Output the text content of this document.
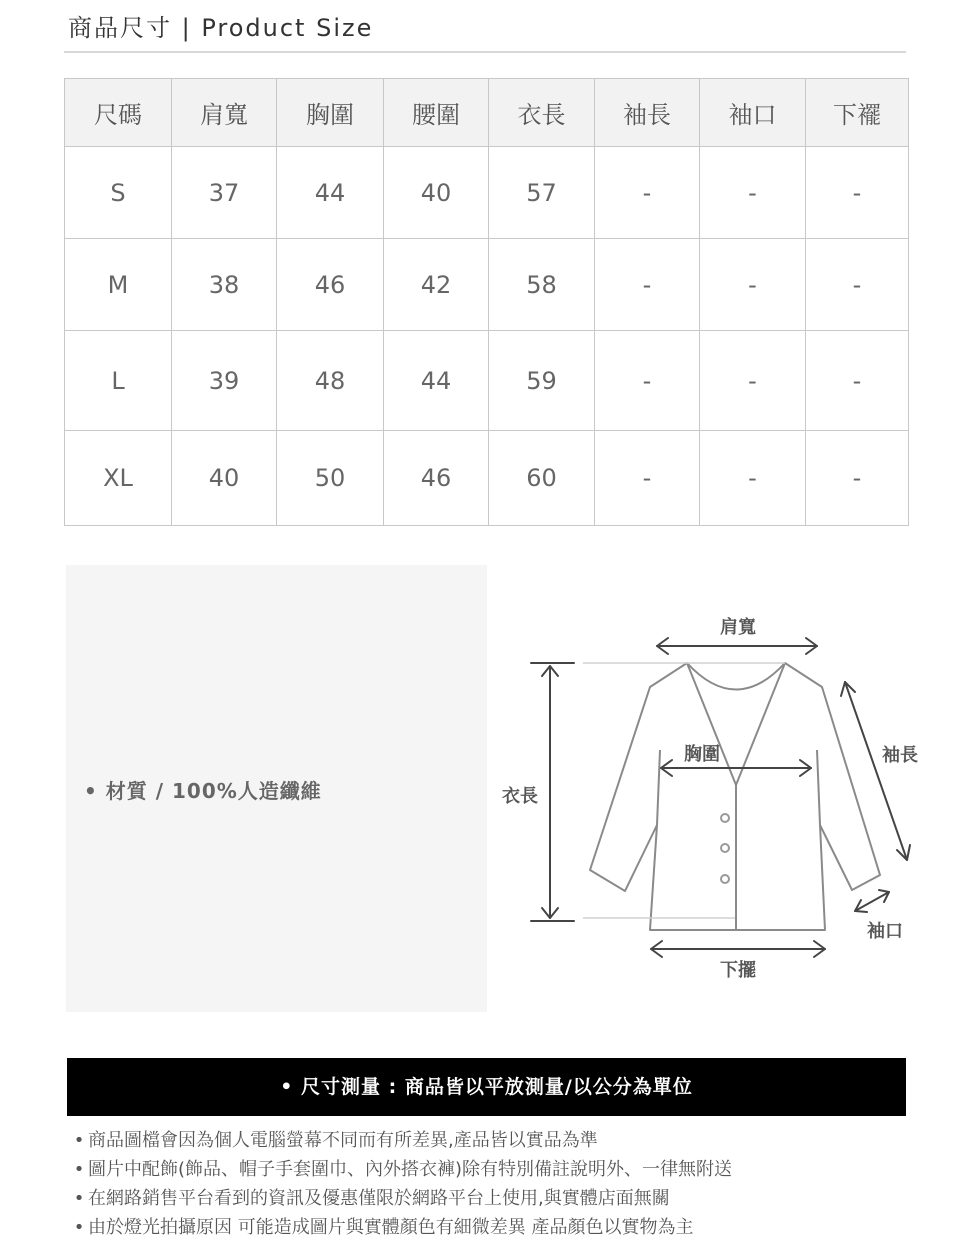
商品尺寸 | Product Size
尺碼	肩寬	胸圍	腰圍	衣長	袖長	袖口	下襬
S	37	44	40	57	-	-	-
M	38	46	42	58	-	-	-
L	39	48	44	59	-	-	-
XL	40	50	46	60	-	-	-
• 材質 / 100%人造纖維
肩寬
胸圍
衣長
袖長
袖口
下擺
• 尺寸測量 : 商品皆以平放測量/以公分為單位
• 商品圖檔會因為個人電腦螢幕不同而有所差異,產品皆以實品為準
• 圖片中配飾(飾品、帽子手套圍巾、內外搭衣褲)除有特別備註說明外、一律無附送
• 在網路銷售平台看到的資訊及優惠僅限於網路平台上使用,與實體店面無關
• 由於燈光拍攝原因 可能造成圖片與實體顏色有細微差異 產品顏色以實物為主
